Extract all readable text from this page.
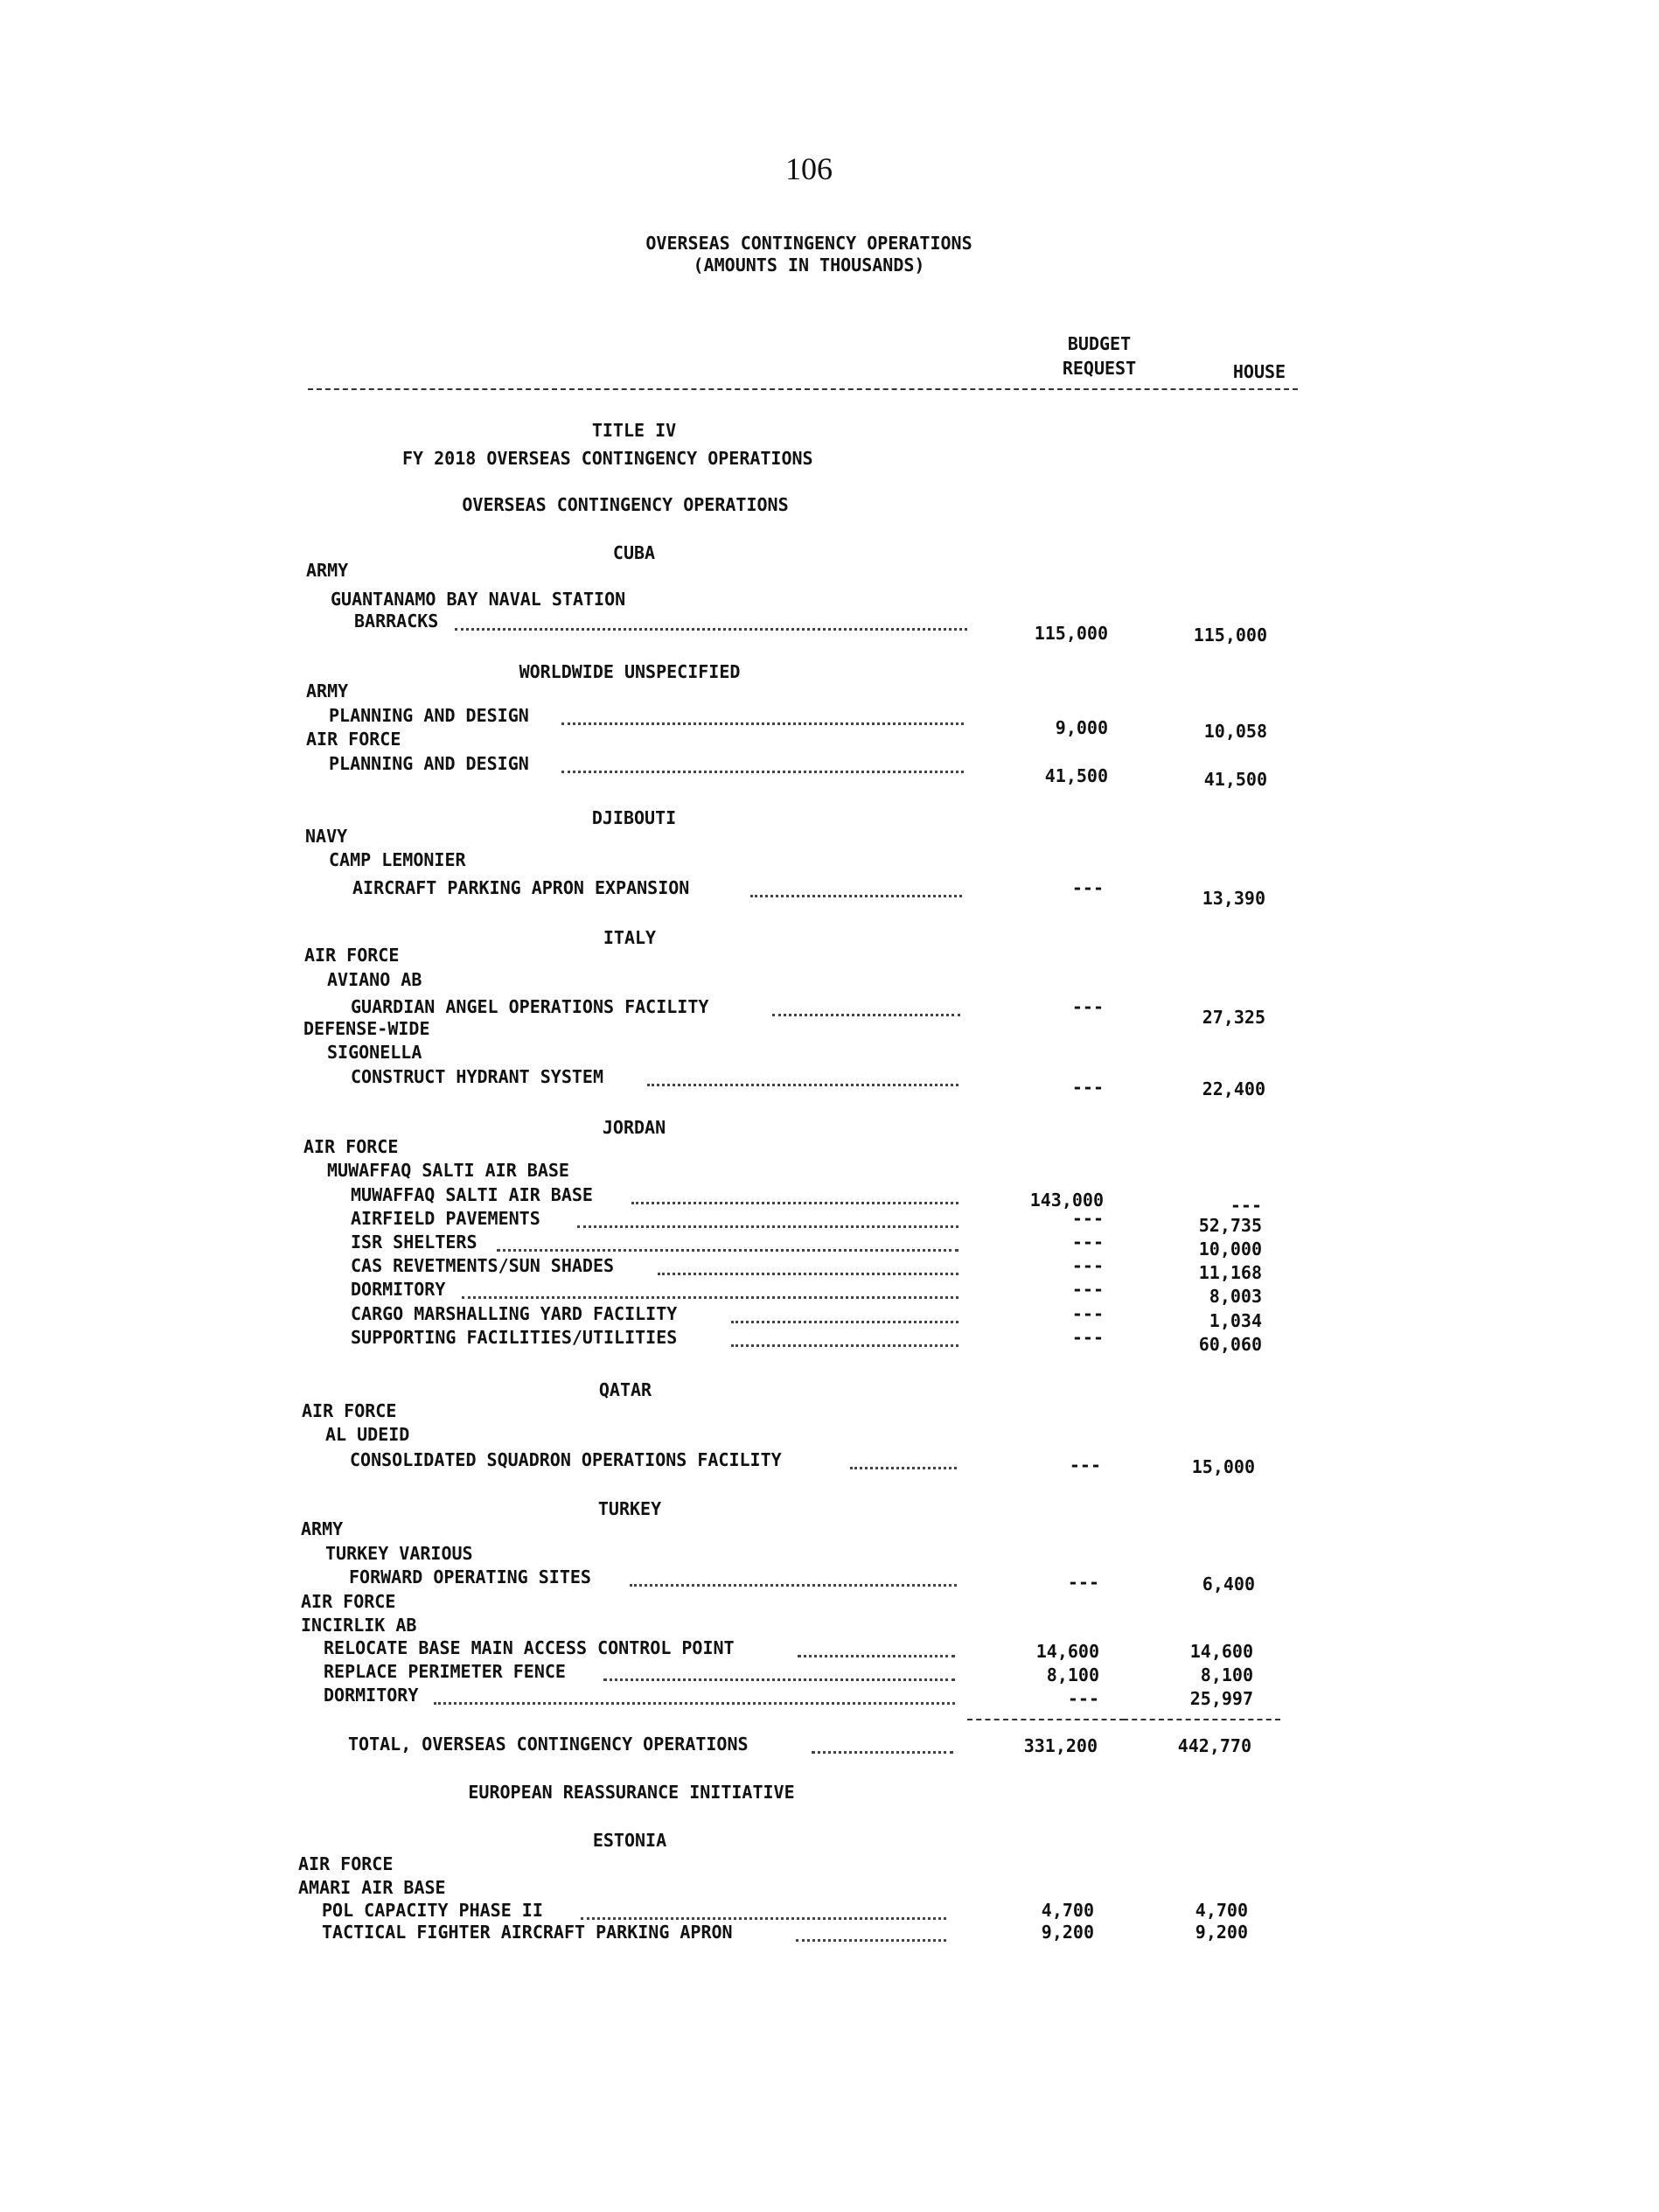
106
OVERSEAS CONTINGENCY OPERATIONS
(AMOUNTS IN THOUSANDS)
BUDGET
REQUEST	HOUSE
TITLE IV
FY 2018 OVERSEAS CONTINGENCY OPERATIONS
OVERSEAS CONTINGENCY OPERATIONS
CUBA
WORLDWIDE UNSPECIFIED
DJIBOUTI
ITALY
JORDAN
QATAR
TURKEY
ESTONIA
ARMY
GUANTANAMO BAY NAVAL STATION
BARRACKS
115,000	115,000
ARMY
PLANNING AND DESIGN
9,000	10,058
AIR FORCE
PLANNING AND DESIGN
41,500	41,500
NAVY
CAMP LEMONIER
AIRCRAFT PARKING APRON EXPANSION	---	13,390
AIR FORCE
AVIANO AB
GUARDIAN ANGEL OPERATIONS FACILITY	---	27,325
DEFENSE-WIDE
SIGONELLA
CONSTRUCT HYDRANT SYSTEM	---	22,400
AIR FORCE
MUWAFFAQ SALTI AIR BASE
MUWAFFAQ SALTI AIR BASE	143,000	---
AIRFIELD PAVEMENTS	---	52,735
ISR SHELTERS	---	10,000
CAS REVETMENTS/SUN SHADES	---	11,168
DORMITORY	---	8,003
CARGO MARSHALLING YARD FACILITY	---	1,034
SUPPORTING FACILITIES/UTILITIES	---	60,060
AIR FORCE
AL UDEID
CONSOLIDATED SQUADRON OPERATIONS FACILITY	---	15,000
ARMY
TURKEY VARIOUS
FORWARD OPERATING SITES	---	6,400
AIR FORCE
INCIRLIK AB
RELOCATE BASE MAIN ACCESS CONTROL POINT	14,600	14,600
REPLACE PERIMETER FENCE	8,100	8,100
DORMITORY	---	25,997
TOTAL, OVERSEAS CONTINGENCY OPERATIONS	331,200	442,770
EUROPEAN REASSURANCE INITIATIVE
AIR FORCE
AMARI AIR BASE
POL CAPACITY PHASE II	4,700	4,700
TACTICAL FIGHTER AIRCRAFT PARKING APRON	9,200	9,200
